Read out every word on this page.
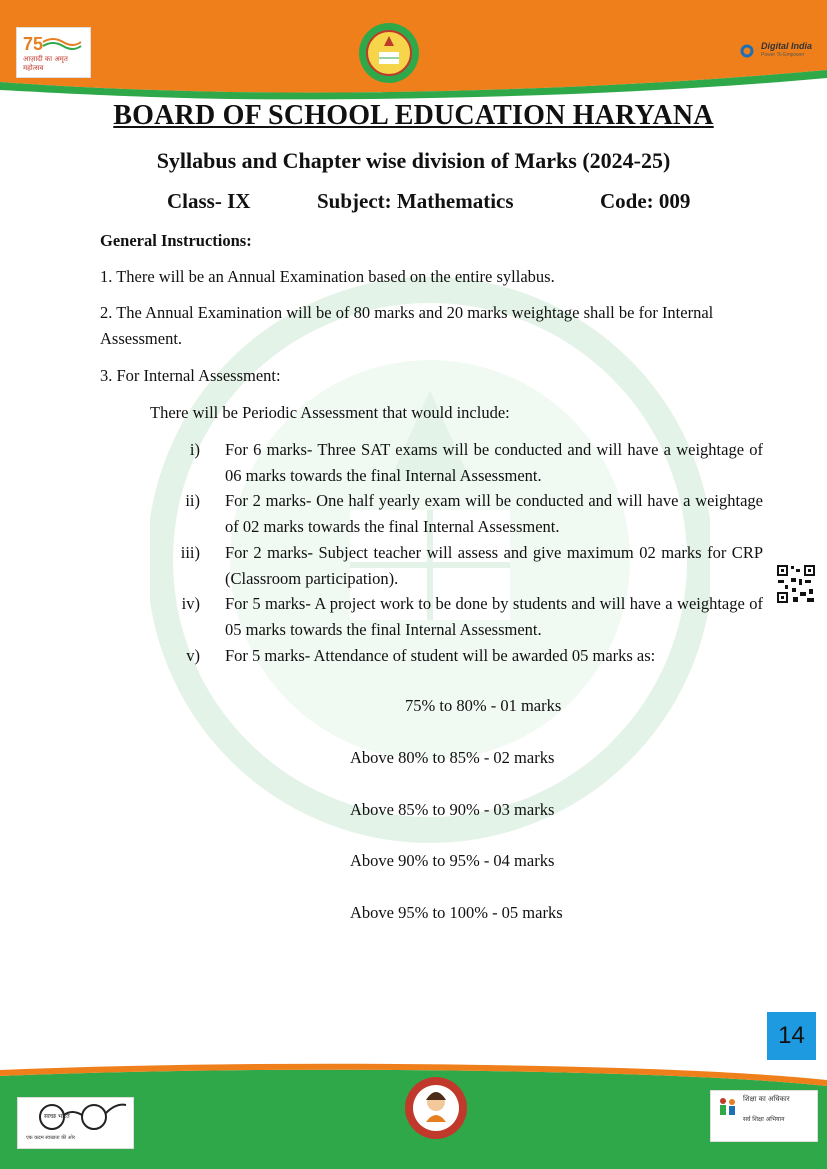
75
आज़ादी का अमृत महोत्सव
Digital India
Power To Empower
BOARD OF SCHOOL EDUCATION HARYANA
Syllabus and Chapter wise division of Marks (2024-25)
Class- IX	Subject: Mathematics	Code: 009
General Instructions:
1. There will be an Annual Examination based on the entire syllabus.
2. The Annual Examination will be of 80 marks and 20 marks weightage shall be for Internal Assessment.
3. For Internal Assessment:
There will be Periodic Assessment that would include:
i) For 6 marks- Three SAT exams will be conducted and will have a weightage of 06 marks towards the final Internal Assessment.
ii) For 2 marks- One half yearly exam will be conducted and will have a weightage of 02 marks towards the final Internal Assessment.
iii) For 2 marks- Subject teacher will assess and give maximum 02 marks for CRP (Classroom participation).
iv) For 5 marks- A project work to be done by students and will have a weightage of 05 marks towards the final Internal Assessment.
v) For 5 marks- Attendance of student will be awarded 05 marks as:
75% to 80% - 01 marks
Above 80% to 85% - 02 marks
Above 85% to 90% - 03 marks
Above 90% to 95% - 04 marks
Above 95% to 100% - 05 marks
14
स्वच्छ भारत
एक कदम स्वच्छता की ओर
शिक्षा का अधिकार
सर्व शिक्षा अभियान
